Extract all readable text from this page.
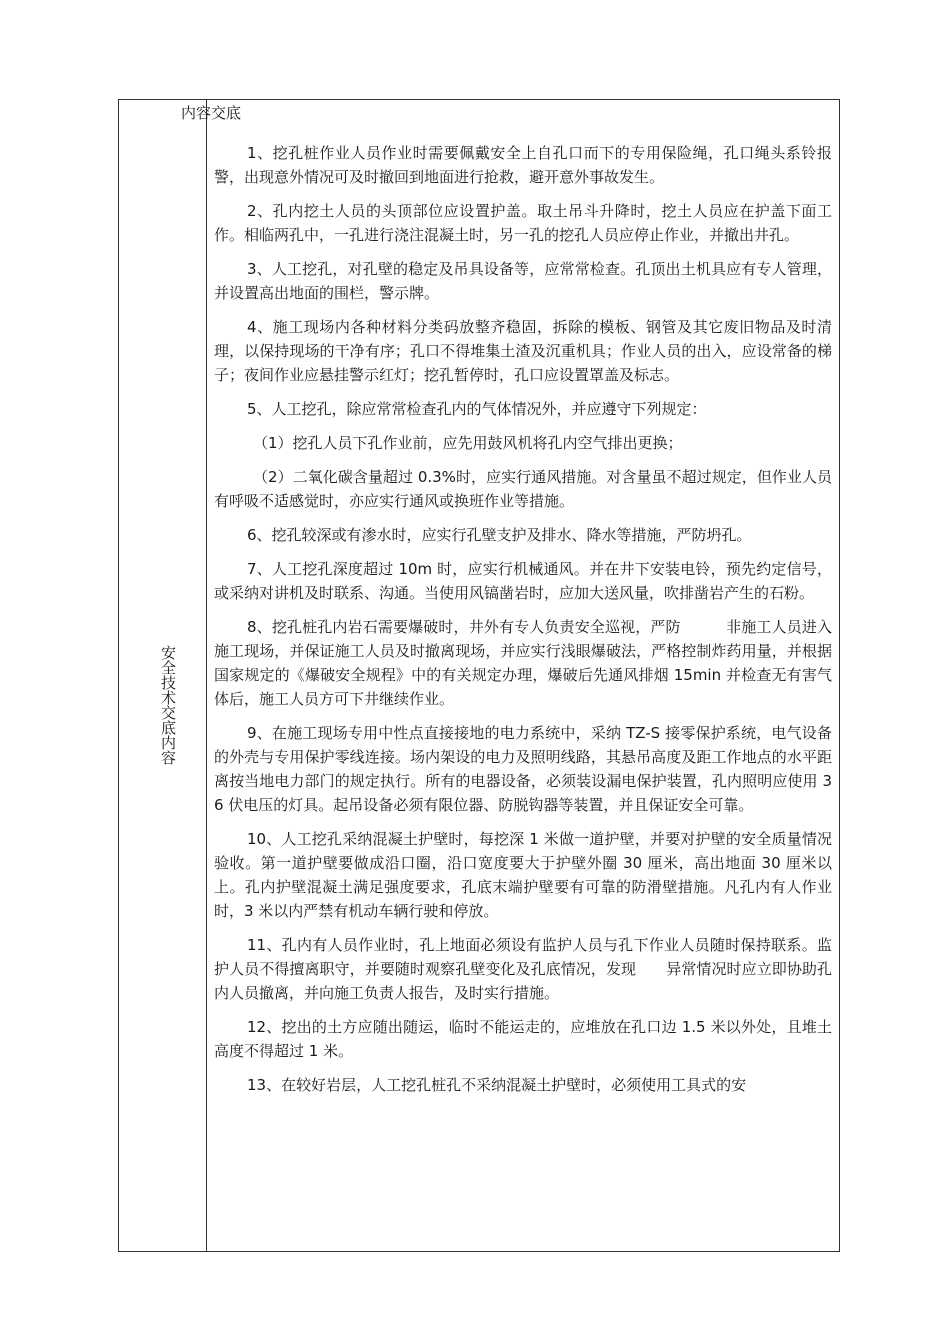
内容交底
安全技术交底内容

1、挖孔桩作业人员作业时需要佩戴安全上自孔口而下的专用保险绳，孔口绳头系铃报警，出现意外情况可及时撤回到地面进行抢救，避开意外事故发生。

2、孔内挖土人员的头顶部位应设置护盖。取土吊斗升降时，挖土人员应在护盖下面工作。相临两孔中，一孔进行浇注混凝土时，另一孔的挖孔人员应停止作业，并撤出井孔。

3、人工挖孔，对孔壁的稳定及吊具设备等，应常常检查。孔顶出土机具应有专人管理，并设置高出地面的围栏，警示牌。

4、施工现场内各种材料分类码放整齐稳固，拆除的模板、钢管及其它废旧物品及时清理，以保持现场的干净有序；孔口不得堆集土渣及沉重机具；作业人员的出入，应设常备的梯子；夜间作业应悬挂警示红灯；挖孔暂停时，孔口应设置罩盖及标志。

5、人工挖孔，除应常常检查孔内的气体情况外，并应遵守下列规定：

（1）挖孔人员下孔作业前，应先用鼓风机将孔内空气排出更换；

（2）二氧化碳含量超过 0.3%时，应实行通风措施。对含量虽不超过规定，但作业人员有呼吸不适感觉时，亦应实行通风或换班作业等措施。

6、挖孔较深或有渗水时，应实行孔壁支护及排水、降水等措施，严防坍孔。

7、人工挖孔深度超过 10m 时，应实行机械通风。并在井下安装电铃，预先约定信号，或采纳对讲机及时联系、沟通。当使用风镐凿岩时，应加大送风量，吹排凿岩产生的石粉。

8、挖孔桩孔内岩石需要爆破时，井外有专人负责安全巡视，严防　　　非施工人员进入施工现场，并保证施工人员及时撤离现场，并应实行浅眼爆破法，严格控制炸药用量，并根据国家规定的《爆破安全规程》中的有关规定办理，爆破后先通风排烟 15min 并检查无有害气体后，施工人员方可下井继续作业。

9、在施工现场专用中性点直接接地的电力系统中，采纳 TZ-S 接零保护系统，电气设备的外壳与专用保护零线连接。场内架设的电力及照明线路，其悬吊高度及距工作地点的水平距离按当地电力部门的规定执行。所有的电器设备，必须装设漏电保护装置，孔内照明应使用 36 伏电压的灯具。起吊设备必须有限位器、防脱钩器等装置，并且保证安全可靠。

10、人工挖孔采纳混凝土护壁时，每挖深 1 米做一道护壁，并要对护壁的安全质量情况验收。第一道护壁要做成沿口圈，沿口宽度要大于护壁外圈 30 厘米，高出地面 30 厘米以上。孔内护壁混凝土满足强度要求，孔底末端护壁要有可靠的防滑壁措施。凡孔内有人作业时，3 米以内严禁有机动车辆行驶和停放。

11、孔内有人员作业时，孔上地面必须设有监护人员与孔下作业人员随时保持联系。监护人员不得擅离职守，并要随时观察孔壁变化及孔底情况，发现　　异常情况时应立即协助孔内人员撤离，并向施工负责人报告，及时实行措施。

12、挖出的土方应随出随运，临时不能运走的，应堆放在孔口边 1.5 米以外处，且堆土高度不得超过 1 米。

13、在较好岩层，人工挖孔桩孔不采纳混凝土护壁时，必须使用工具式的安
